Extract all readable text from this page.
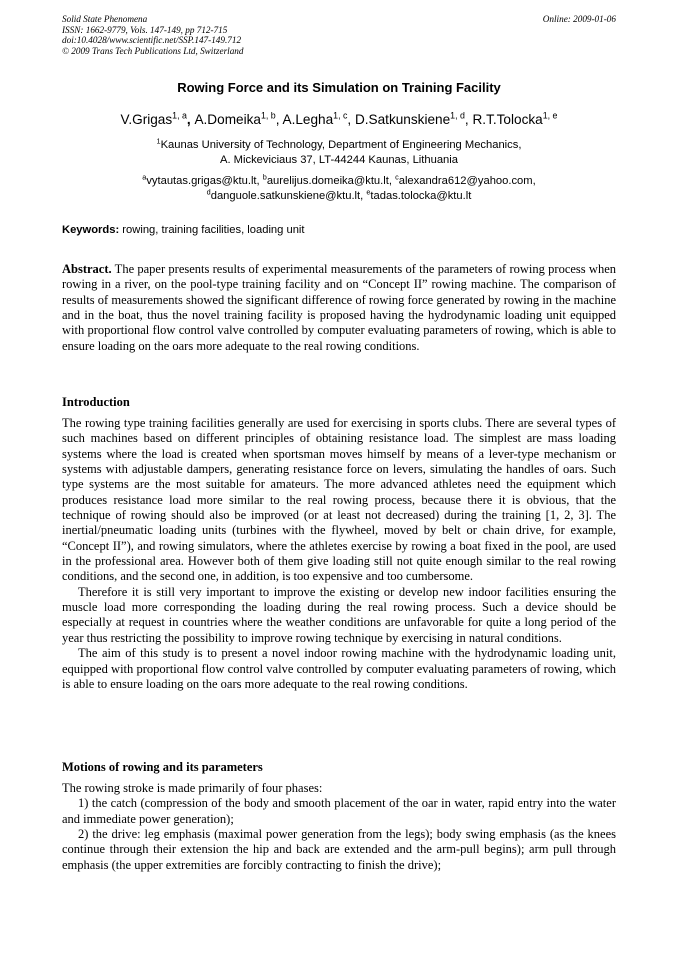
Solid State Phenomena
ISSN: 1662-9779, Vols. 147-149, pp 712-715
doi:10.4028/www.scientific.net/SSP.147-149.712
© 2009 Trans Tech Publications Ltd, Switzerland
Online: 2009-01-06
Rowing Force and its Simulation on Training Facility
V.Grigas$^{1, a}$, A.Domeika$^{1, b}$, A.Legha$^{1, c}$, D.Satkunskiene$^{1, d}$, R.T.Tolocka$^{1, e}$
$^1$Kaunas University of Technology, Department of Engineering Mechanics,
A. Mickeviciaus 37, LT-44244 Kaunas, Lithuania
$^a$vytautas.grigas@ktu.lt, $^b$aurelijus.domeika@ktu.lt, $^c$alexandra612@yahoo.com,
$^d$danguole.satkunskiene@ktu.lt, $^e$tadas.tolocka@ktu.lt
Keywords: rowing, training facilities, loading unit

Abstract. The paper presents results of experimental measurements of the parameters of rowing process when rowing in a river, on the pool-type training facility and on “Concept II” rowing machine. The comparison of results of measurements showed the significant difference of rowing force generated by rowing in the machine and in the boat, thus the novel training facility is proposed having the hydrodynamic loading unit equipped with proportional flow control valve controlled by computer evaluating parameters of rowing, which is able to ensure loading on the oars more adequate to the real rowing conditions.

Introduction

The rowing type training facilities generally are used for exercising in sports clubs. There are several types of such machines based on different principles of obtaining resistance load. The simplest are mass loading systems where the load is created when sportsman moves himself by means of a lever-type mechanism or systems with adjustable dampers, generating resistance force on levers, simulating the handles of oars. Such type systems are the most suitable for amateurs. The more advanced athletes need the equipment which produces resistance load more similar to the real rowing process, because there it is obvious, that the technique of rowing should also be improved (or at least not decreased) during the training [1, 2, 3]. The inertial/pneumatic loading units (turbines with the flywheel, moved by belt or chain drive, for example, “Concept II”), and rowing simulators, where the athletes exercise by rowing a boat fixed in the pool, are used in the professional area. However both of them give loading still not quite enough similar to the real rowing conditions, and the second one, in addition, is too expensive and too cumbersome.

Therefore it is still very important to improve the existing or develop new indoor facilities ensuring the muscle load more corresponding the loading during the real rowing process. Such a device should be especially at request in countries where the weather conditions are unfavorable for quite a long period of the year thus restricting the possibility to improve rowing technique by exercising in natural conditions.

The aim of this study is to present a novel indoor rowing machine with the hydrodynamic loading unit, equipped with proportional flow control valve controlled by computer evaluating parameters of rowing, which is able to ensure loading on the oars more adequate to the real rowing conditions.

Motions of rowing and its parameters

The rowing stroke is made primarily of four phases:

1) the catch (compression of the body and smooth placement of the oar in water, rapid entry into the water and immediate power generation);

2) the drive: leg emphasis (maximal power generation from the legs); body swing emphasis (as the knees continue through their extension the hip and back are extended and the arm-pull begins); arm pull through emphasis (the upper extremities are forcibly contracting to finish the drive);
